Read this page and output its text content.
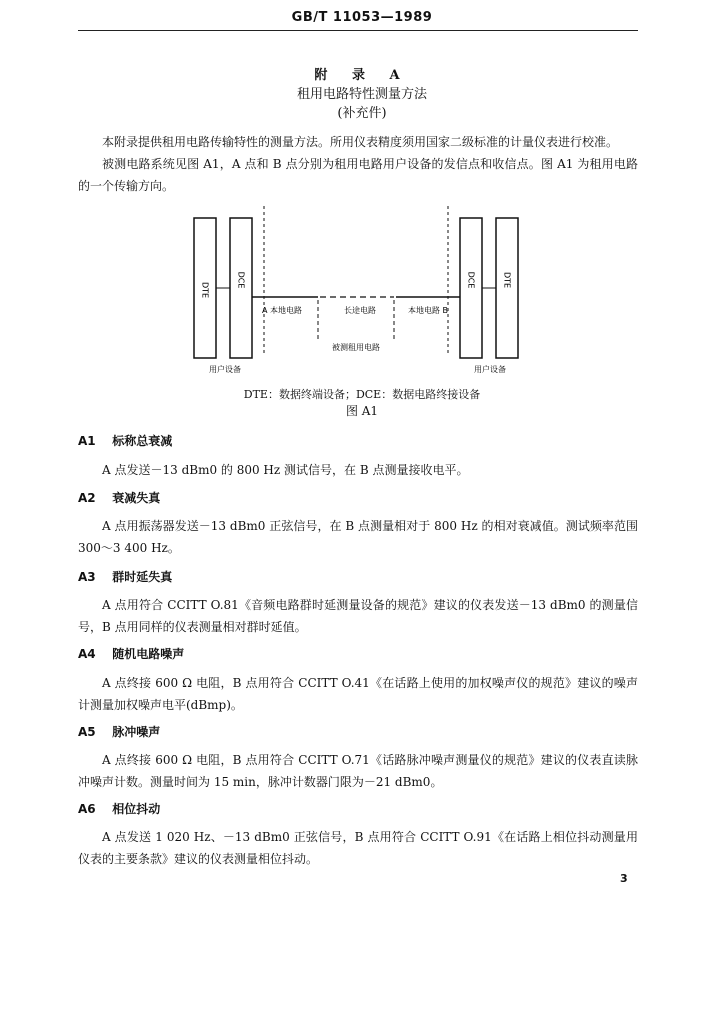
GB/T 11053—1989
附 录 A
租用电路特性测量方法
(补充件)

本附录提供租用电路传输特性的测量方法。所用仪表精度须用国家二级标准的计量仪表进行校准。

被测电路系统见图 A1，A 点和 B 点分别为租用电路用户设备的发信点和收信点。图 A1 为租用电路的一个传输方向。

DTE
DCE
A 本地电路	长途电路	本地电路 B
被测租用电路
DCE	DTE
用户设备	用户设备
DTE：数据终端设备；DCE：数据电路终接设备
图 A1
A1 标称总衰减

A 点发送－13 dBm0 的 800 Hz 测试信号，在 B 点测量接收电平。

A2 衰减失真

A 点用振荡器发送－13 dBm0 正弦信号，在 B 点测量相对于 800 Hz 的相对衰减值。测试频率范围 300～3 400 Hz。

A3 群时延失真

A 点用符合 CCITT O.81《音频电路群时延测量设备的规范》建议的仪表发送－13 dBm0 的测量信号，B 点用同样的仪表测量相对群时延值。

A4 随机电路噪声

A 点终接 600 Ω 电阻，B 点用符合 CCITT O.41《在话路上使用的加权噪声仪的规范》建议的噪声计测量加权噪声电平(dBmp)。

A5 脉冲噪声

A 点终接 600 Ω 电阻，B 点用符合 CCITT O.71《话路脉冲噪声测量仪的规范》建议的仪表直读脉冲噪声计数。测量时间为 15 min，脉冲计数器门限为－21 dBm0。

A6 相位抖动

A 点发送 1 020 Hz、－13 dBm0 正弦信号，B 点用符合 CCITT O.91《在话路上相位抖动测量用仪表的主要条款》建议的仪表测量相位抖动。

3
